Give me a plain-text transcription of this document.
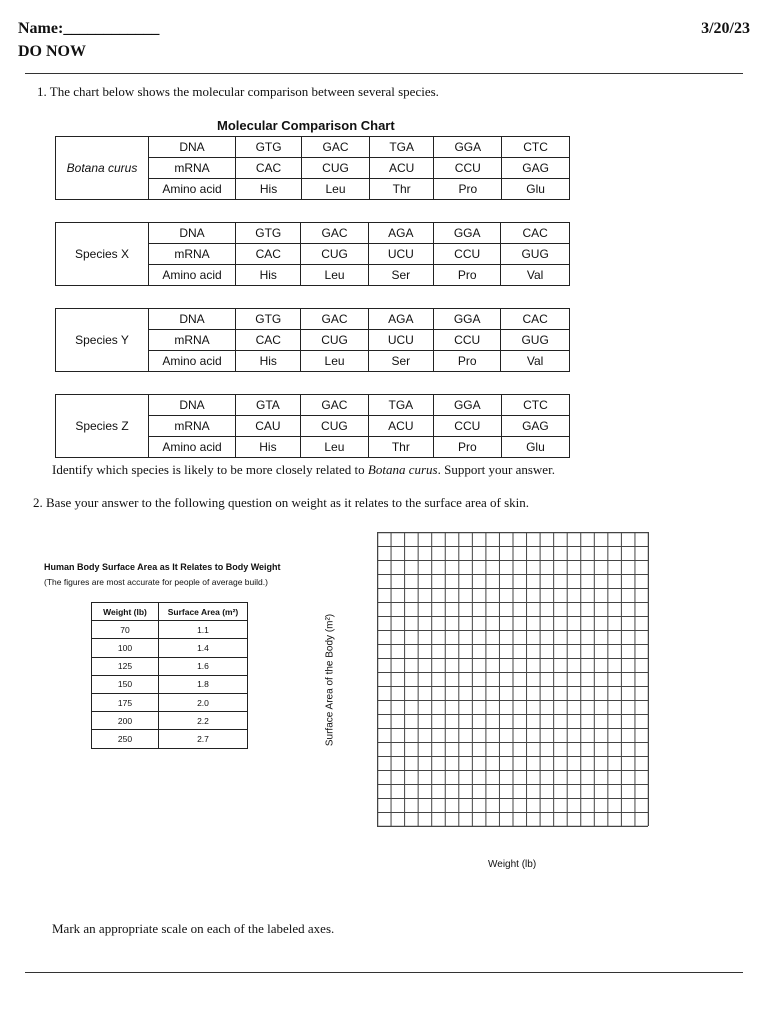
Name:____________	3/20/23
DO NOW
1. The chart below shows the molecular comparison between several species.
Molecular Comparison Chart
Botana curus	DNA	GTG	GAC	TGA	GGA	CTC
	mRNA	CAC	CUG	ACU	CCU	GAG
	Amino acid	His	Leu	Thr	Pro	Glu
Species X	DNA	GTG	GAC	AGA	GGA	CAC
	mRNA	CAC	CUG	UCU	CCU	GUG
	Amino acid	His	Leu	Ser	Pro	Val
Species Y	DNA	GTG	GAC	AGA	GGA	CAC
	mRNA	CAC	CUG	UCU	CCU	GUG
	Amino acid	His	Leu	Ser	Pro	Val
Species Z	DNA	GTA	GAC	TGA	GGA	CTC
	mRNA	CAU	CUG	ACU	CCU	GAG
	Amino acid	His	Leu	Thr	Pro	Glu
Identify which species is likely to be more closely related to Botana curus. Support your answer.
2. Base your answer to the following question on weight as it relates to the surface area of skin.
Human Body Surface Area as It Relates to Body Weight
(The figures are most accurate for people of average build.)
Weight (lb)	Surface Area (m²)
70	1.1
100	1.4
125	1.6
150	1.8
175	2.0
200	2.2
250	2.7	Surface Area of the Body (m²)
Weight (lb)
Mark an appropriate scale on each of the labeled axes.
